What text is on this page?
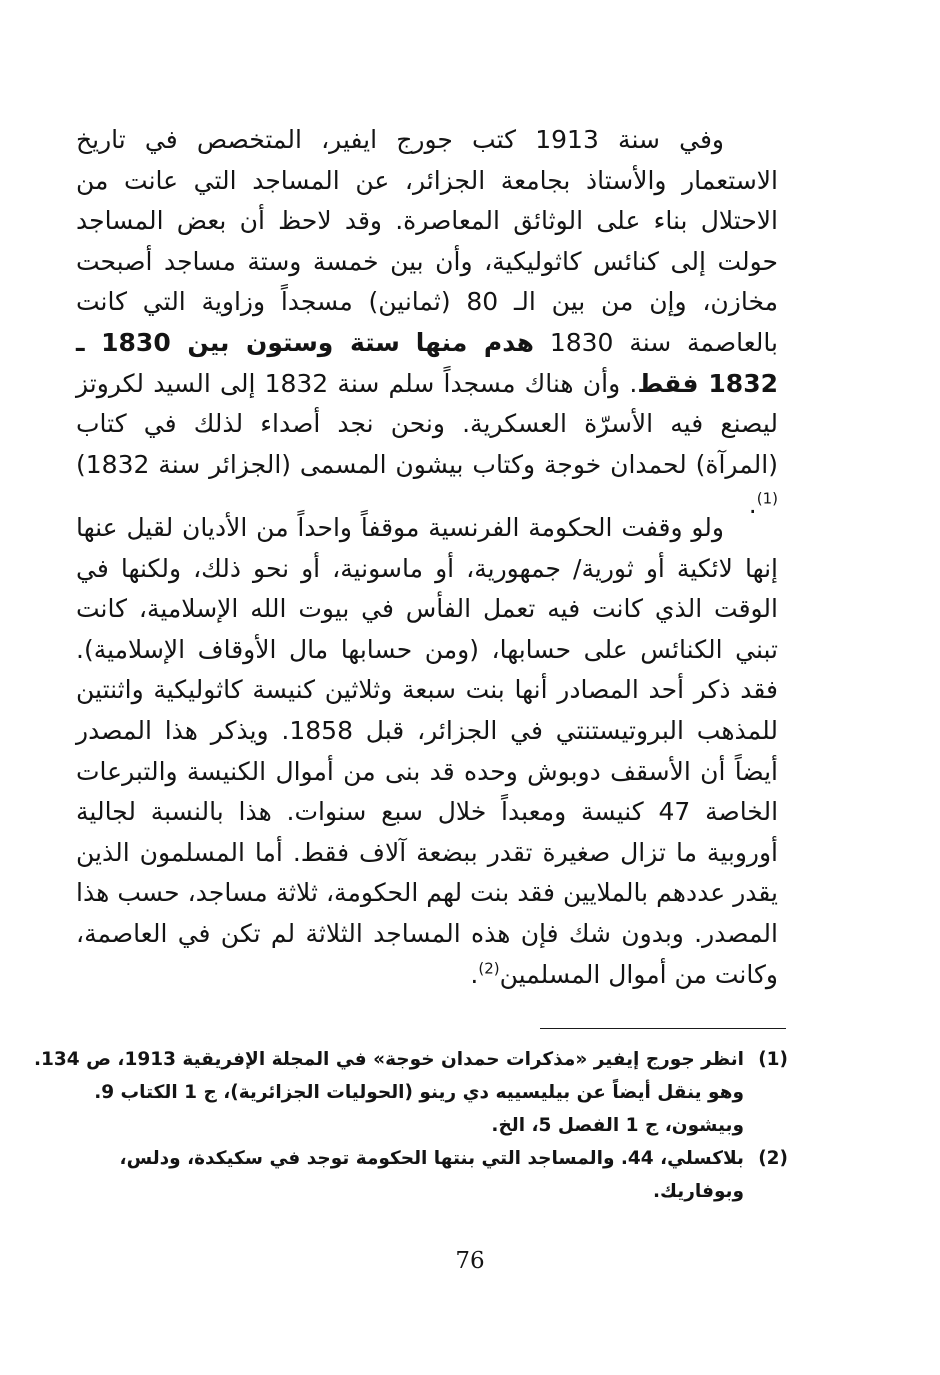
وفي سنة 1913 كتب جورج ايفير، المتخصص في تاريخ الاستعمار والأستاذ بجامعة الجزائر، عن المساجد التي عانت من الاحتلال بناء على الوثائق المعاصرة. وقد لاحظ أن بعض المساجد حولت إلى كنائس كاثوليكية، وأن بين خمسة وستة مساجد أصبحت مخازن، وإن من بين الـ 80 (ثمانين) مسجداً وزاوية التي كانت بالعاصمة سنة 1830 هدم منها ستة وستون بين 1830 ـ 1832 فقط. وأن هناك مسجداً سلم سنة 1832 إلى السيد لكروتز ليصنع فيه الأسرّة العسكرية. ونحن نجد أصداء لذلك في كتاب (المرآة) لحمدان خوجة وكتاب بيشون المسمى (الجزائر سنة 1832)$^{(1)}$.

ولو وقفت الحكومة الفرنسية موقفاً واحداً من الأديان لقيل عنها إنها لائكية أو ثورية/ جمهورية، أو ماسونية، أو نحو ذلك، ولكنها في الوقت الذي كانت فيه تعمل الفأس في بيوت الله الإسلامية، كانت تبني الكنائس على حسابها، (ومن حسابها مال الأوقاف الإسلامية). فقد ذكر أحد المصادر أنها بنت سبعة وثلاثين كنيسة كاثوليكية واثنتين للمذهب البروتيستنتي في الجزائر، قبل 1858. ويذكر هذا المصدر أيضاً أن الأسقف دوبوش وحده قد بنى من أموال الكنيسة والتبرعات الخاصة 47 كنيسة ومعبداً خلال سبع سنوات. هذا بالنسبة لجالية أوروبية ما تزال صغيرة تقدر ببضعة آلاف فقط. أما المسلمون الذين يقدر عددهم بالملايين فقد بنت لهم الحكومة، ثلاثة مساجد، حسب هذا المصدر. وبدون شك فإن هذه المساجد الثلاثة لم تكن في العاصمة، وكانت من أموال المسلمين$^{(2)}$.

(1)
انظر جورج إيفير «مذكرات حمدان خوجة» في المجلة الإفريقية 1913، ص 134.
وهو ينقل أيضاً عن بيليسييه دي رينو (الحوليات الجزائرية)، ج 1 الكتاب 9.
وبيشون، ج 1 الفصل 5، الخ.
(2)
بلاكسلي، 44. والمساجد التي بنتها الحكومة توجد في سكيكدة، ودلس،
وبوفاريك.
76
